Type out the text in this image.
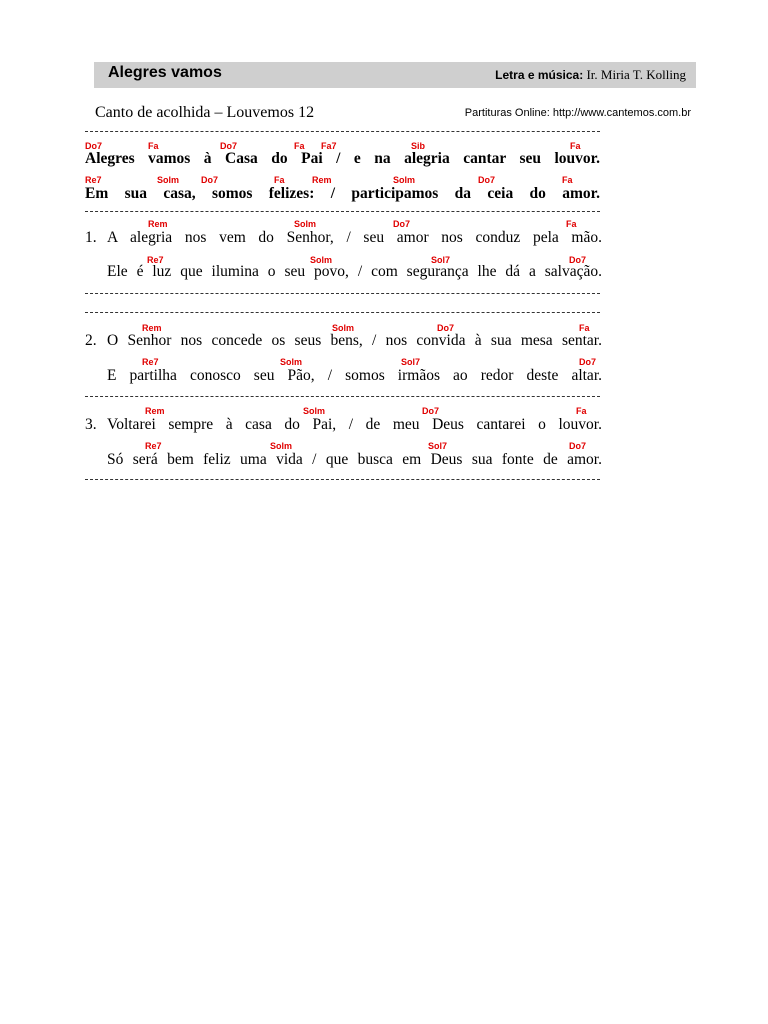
Alegres vamos	Letra e música: Ir. Miria T. Kolling
Canto de acolhida – Louvemos 12	Partituras Online: http://www.cantemos.com.br
Do7	Fa	Do7	Fa Fa7	Sib	Fa
Alegres vamos à Casa do Pai / e na alegria cantar seu louvor.
Re7	Solm Do7	Fa	Rem	Solm	Do7	Fa
Em sua casa, somos felizes: / participamos da ceia do amor.
Rem	Solm	Do7	Fa
1. A alegria nos vem do Senhor, / seu amor nos conduz pela mão.
Re7	Solm	Sol7	Do7
Ele é luz que ilumina o seu povo, / com segurança lhe dá a salvação.
Rem	Solm	Do7	Fa
2. O Senhor nos concede os seus bens, / nos convida à sua mesa sentar.
Re7	Solm	Sol7	Do7
E partilha conosco seu Pão, / somos irmãos ao redor deste altar.
Rem	Solm	Do7	Fa
3. Voltarei sempre à casa do Pai, / de meu Deus cantarei o louvor.
Re7	Solm	Sol7	Do7
Só será bem feliz uma vida / que busca em Deus sua fonte de amor.
